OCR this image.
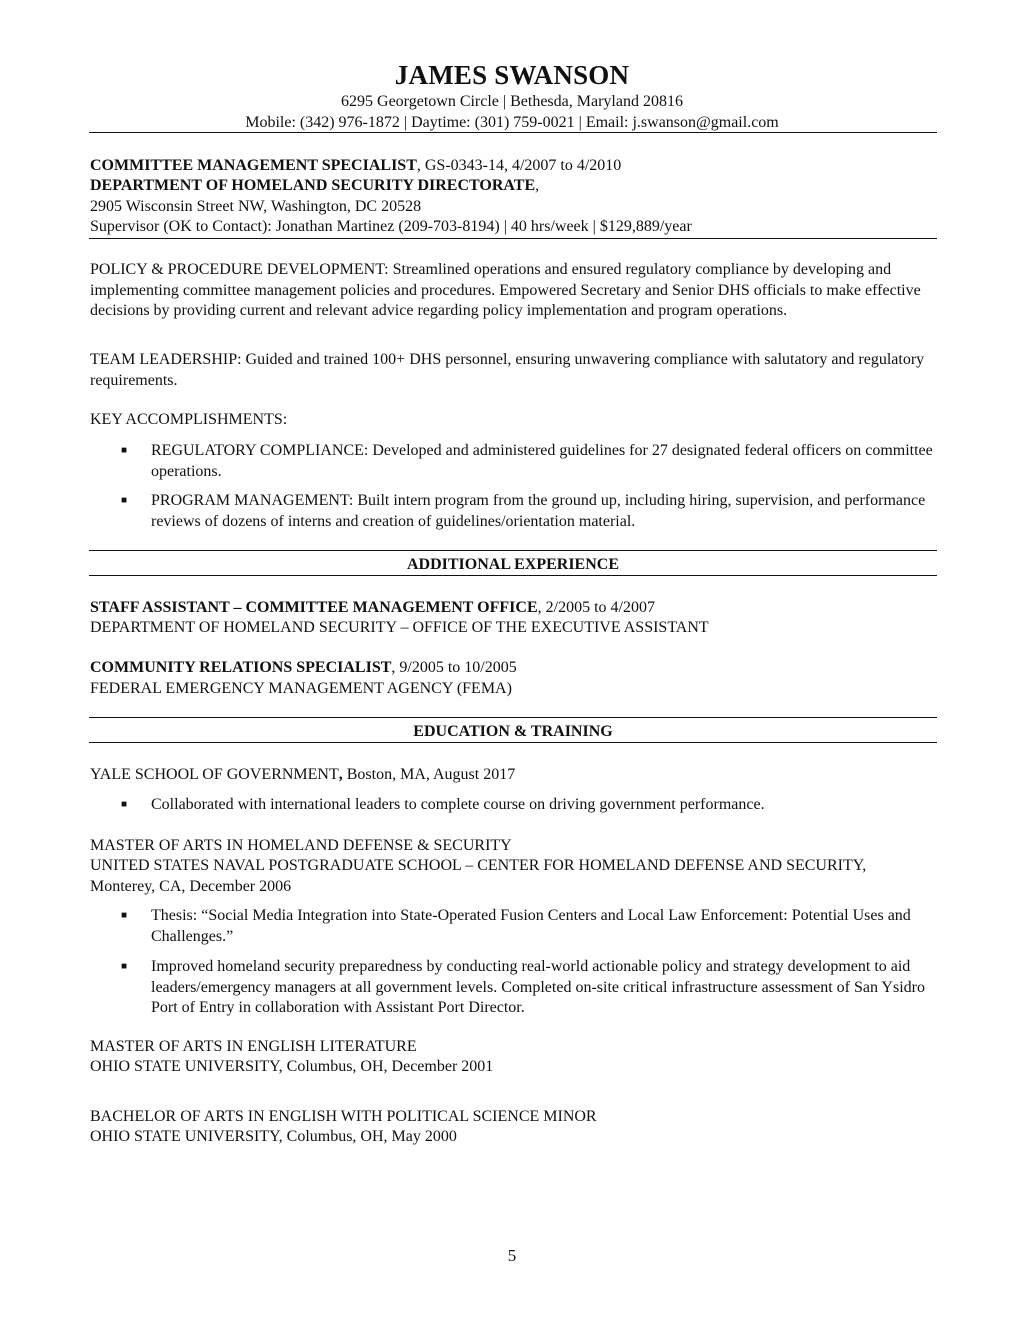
JAMES SWANSON
6295 Georgetown Circle | Bethesda, Maryland 20816
Mobile: (342) 976-1872 | Daytime: (301) 759-0021 | Email: j.swanson@gmail.com
COMMITTEE MANAGEMENT SPECIALIST, GS-0343-14, 4/2007 to 4/2010
DEPARTMENT OF HOMELAND SECURITY DIRECTORATE,
2905 Wisconsin Street NW, Washington, DC 20528
Supervisor (OK to Contact): Jonathan Martinez (209-703-8194) | 40 hrs/week | $129,889/year
POLICY & PROCEDURE DEVELOPMENT: Streamlined operations and ensured regulatory compliance by developing and implementing committee management policies and procedures. Empowered Secretary and Senior DHS officials to make effective decisions by providing current and relevant advice regarding policy implementation and program operations.
TEAM LEADERSHIP: Guided and trained 100+ DHS personnel, ensuring unwavering compliance with salutatory and regulatory requirements.
KEY ACCOMPLISHMENTS:
■ REGULATORY COMPLIANCE: Developed and administered guidelines for 27 designated federal officers on committee operations.
■ PROGRAM MANAGEMENT: Built intern program from the ground up, including hiring, supervision, and performance reviews of dozens of interns and creation of guidelines/orientation material.
ADDITIONAL EXPERIENCE
STAFF ASSISTANT – COMMITTEE MANAGEMENT OFFICE, 2/2005 to 4/2007
DEPARTMENT OF HOMELAND SECURITY – OFFICE OF THE EXECUTIVE ASSISTANT
COMMUNITY RELATIONS SPECIALIST, 9/2005 to 10/2005
FEDERAL EMERGENCY MANAGEMENT AGENCY (FEMA)
EDUCATION & TRAINING
YALE SCHOOL OF GOVERNMENT, Boston, MA, August 2017
■ Collaborated with international leaders to complete course on driving government performance.
MASTER OF ARTS IN HOMELAND DEFENSE & SECURITY
UNITED STATES NAVAL POSTGRADUATE SCHOOL – CENTER FOR HOMELAND DEFENSE AND SECURITY, Monterey, CA, December 2006
■ Thesis: “Social Media Integration into State-Operated Fusion Centers and Local Law Enforcement: Potential Uses and Challenges.”
■ Improved homeland security preparedness by conducting real-world actionable policy and strategy development to aid leaders/emergency managers at all government levels. Completed on-site critical infrastructure assessment of San Ysidro Port of Entry in collaboration with Assistant Port Director.
MASTER OF ARTS IN ENGLISH LITERATURE
OHIO STATE UNIVERSITY, Columbus, OH, December 2001
BACHELOR OF ARTS IN ENGLISH WITH POLITICAL SCIENCE MINOR
OHIO STATE UNIVERSITY, Columbus, OH, May 2000
5
